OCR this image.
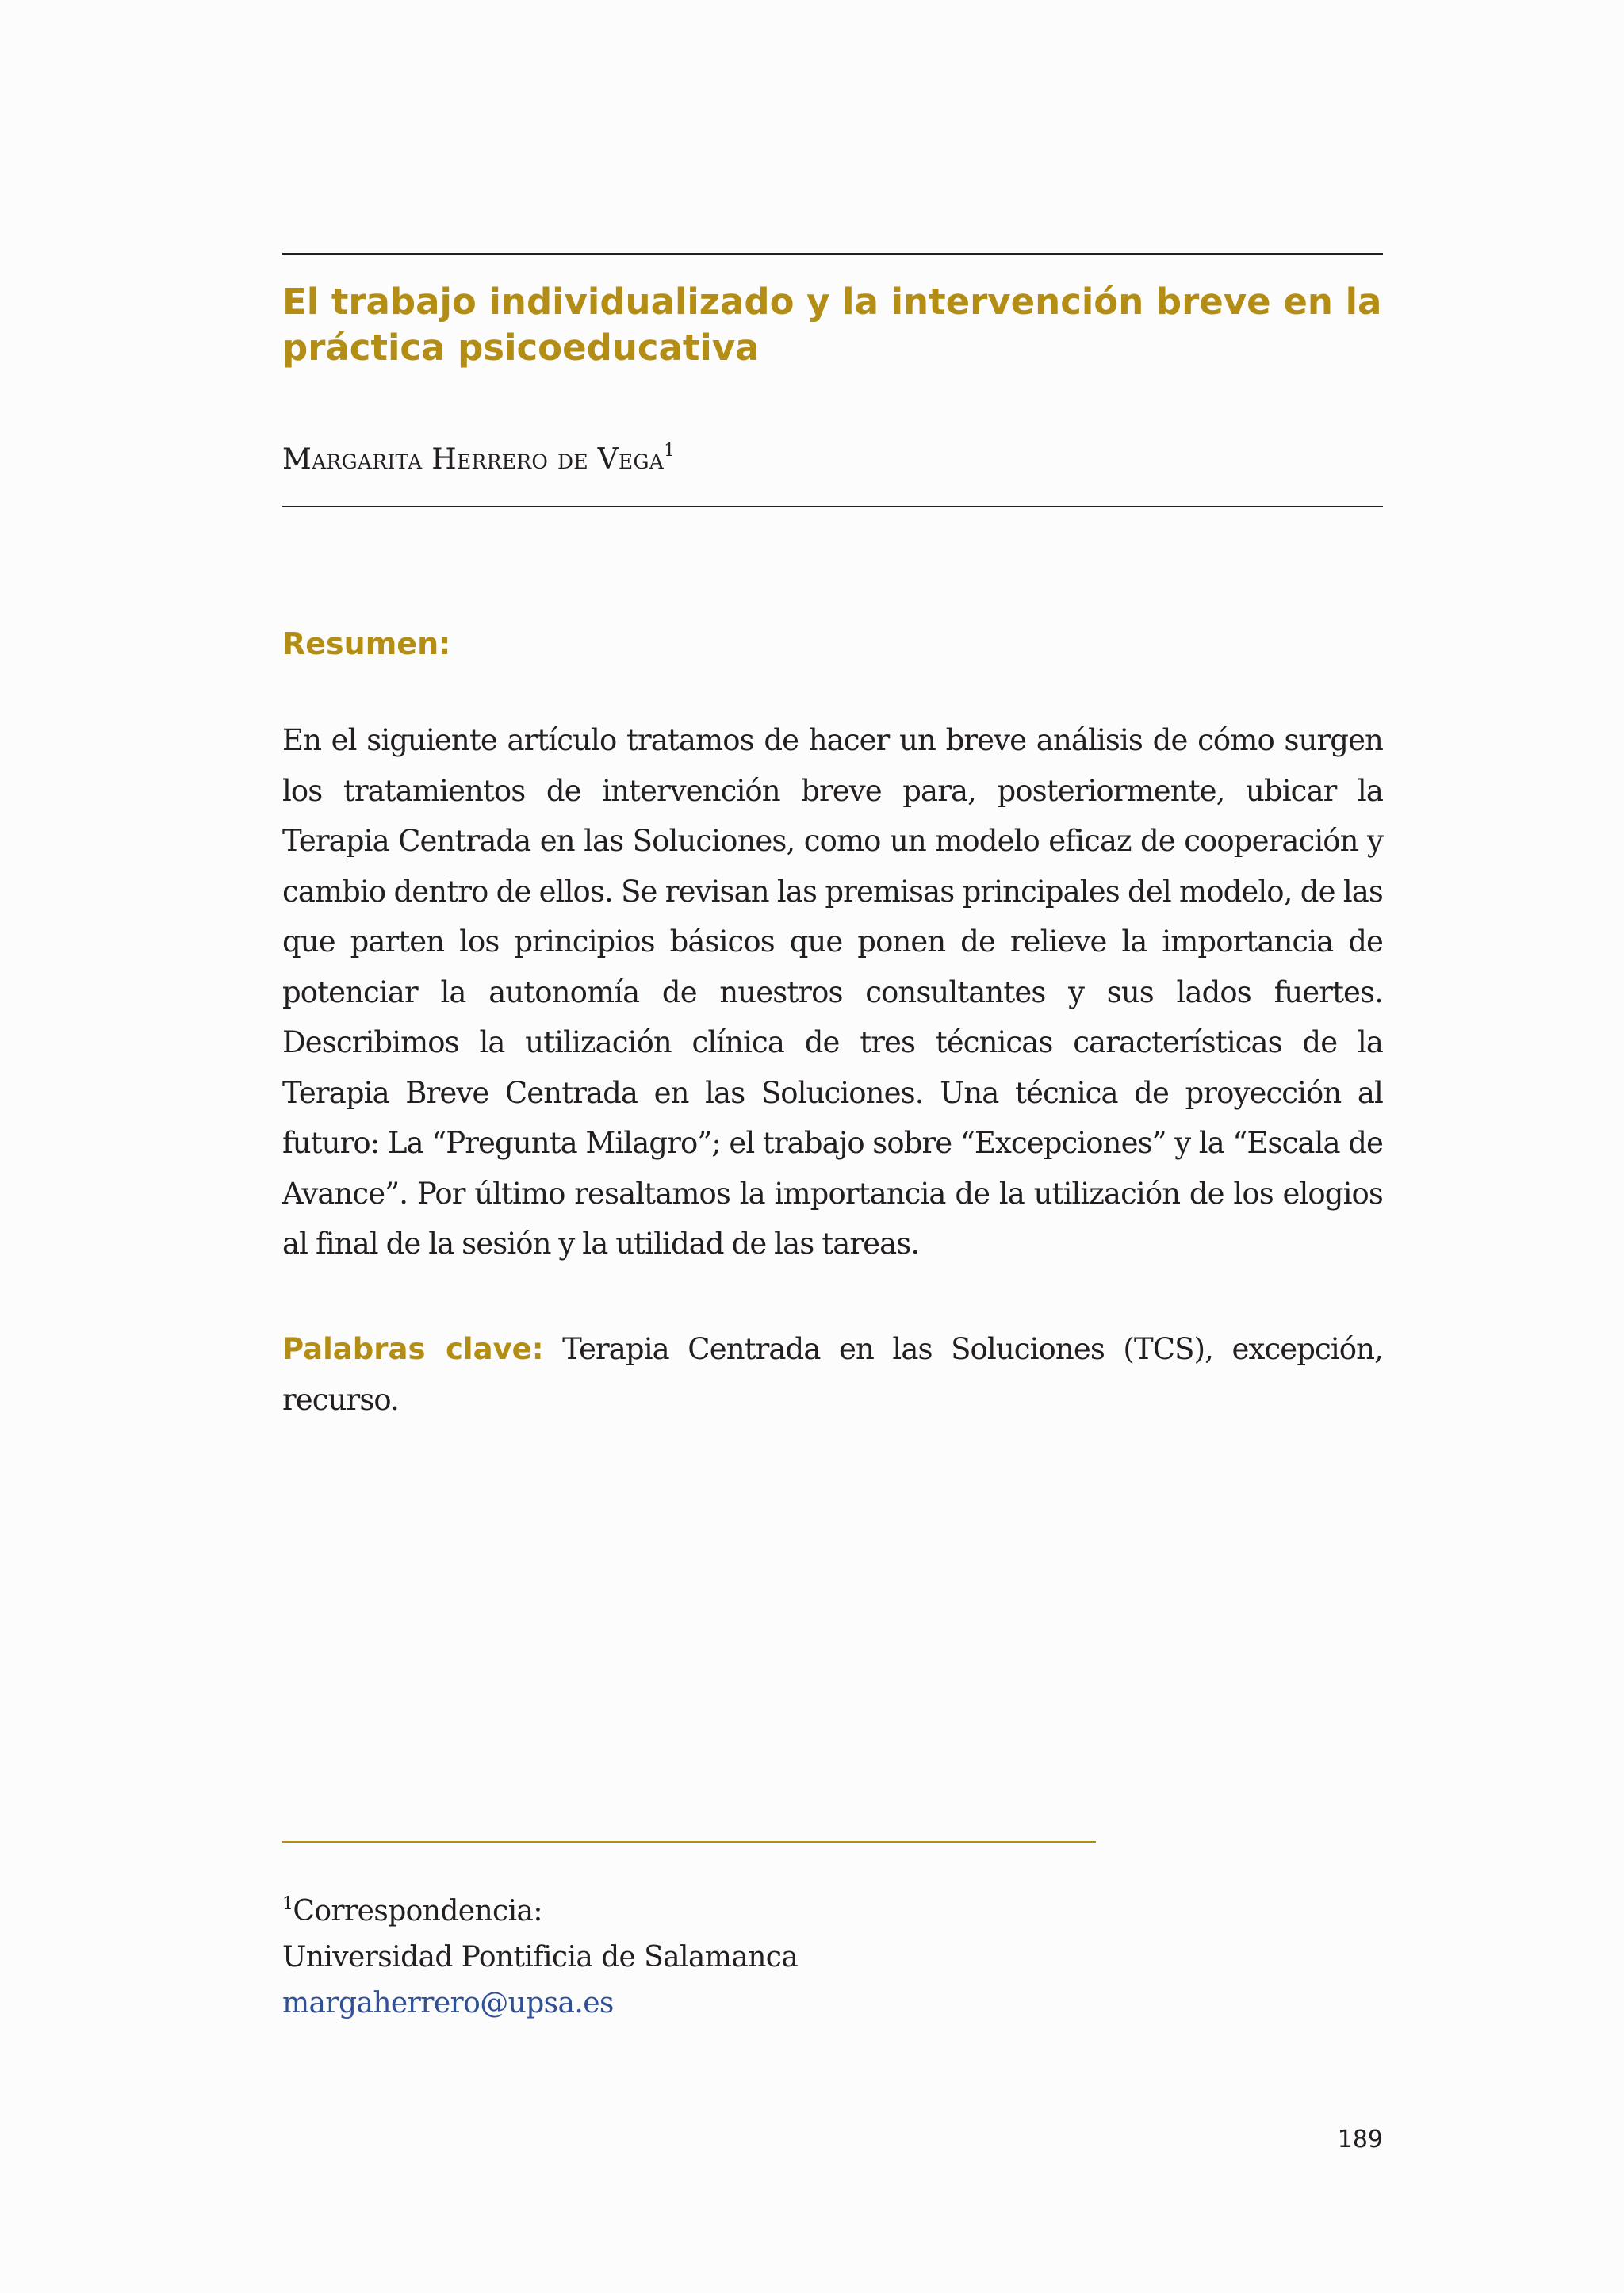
El trabajo individualizado y la intervención breve en la práctica psicoeducativa

Margarita Herrero de Vega$^1$

Resumen:

En el siguiente artículo tratamos de hacer un breve análisis de cómo surgen los tratamientos de intervención breve para, posteriormente, ubicar la Terapia Centrada en las Soluciones, como un modelo eficaz de cooperación y cambio dentro de ellos. Se revisan las premisas principales del modelo, de las que parten los principios básicos que ponen de relieve la importancia de potenciar la autonomía de nuestros consultantes y sus lados fuertes. Describimos la utilización clínica de tres técnicas características de la Terapia Breve Centrada en las Soluciones. Una técnica de proyección al futuro: La “Pregunta Milagro”; el trabajo sobre “Excepciones” y la “Escala de Avance”. Por último resaltamos la importancia de la utilización de los elogios al final de la sesión y la utilidad de las tareas.

Palabras clave: Terapia Centrada en las Soluciones (TCS), excepción, recurso.

$^1$Correspondencia:
Universidad Pontificia de Salamanca
margaherrero@upsa.es

189
